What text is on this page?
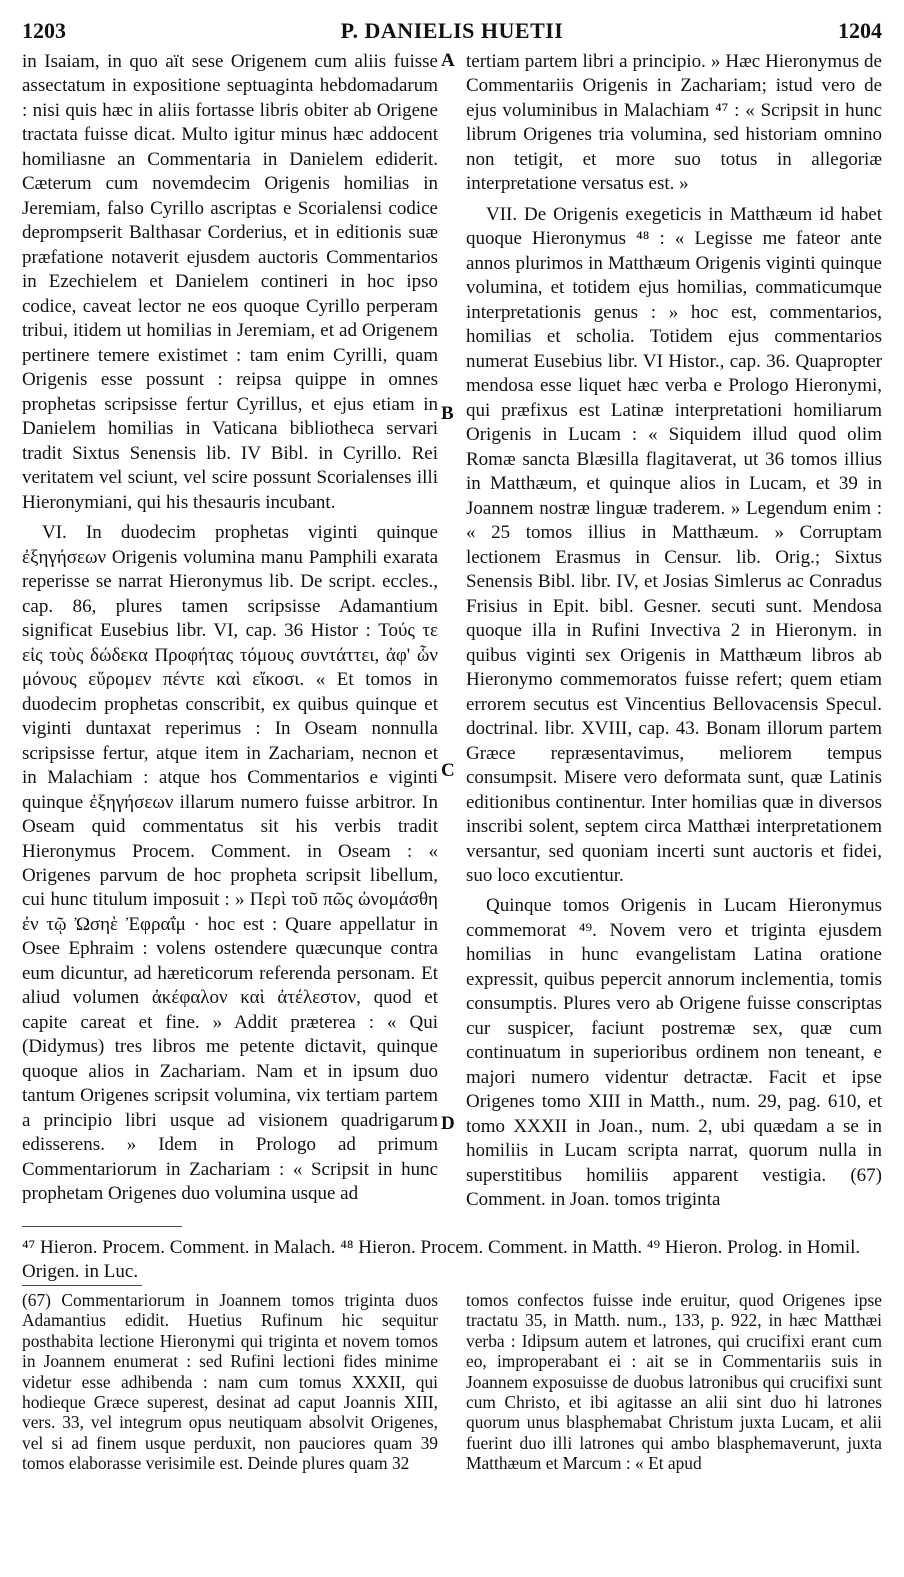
1203	P. DANIELIS HUETII	1204

in Isaiam, in quo aït sese Origenem cum aliis fuisse assectatum in expositione septuaginta hebdomadarum : nisi quis hæc in aliis fortasse libris obiter ab Origene tractata fuisse dicat. Multo igitur minus hæc addocent homiliasne an Commentaria in Danielem ediderit. Cæterum cum novemdecim Origenis homilias in Jeremiam, falso Cyrillo ascriptas e Scorialensi codice deprompserit Balthasar Corderius, et in editionis suæ præfatione notaverit ejusdem auctoris Commentarios in Ezechielem et Danielem contineri in hoc ipso codice, caveat lector ne eos quoque Cyrillo perperam tribui, itidem ut homilias in Jeremiam, et ad Origenem pertinere temere existimet : tam enim Cyrilli, quam Origenis esse possunt : reipsa quippe in omnes prophetas scripsisse fertur Cyrillus, et ejus etiam in Danielem homilias in Vaticana bibliotheca servari tradit Sixtus Senensis lib. IV Bibl. in Cyrillo. Rei veritatem vel sciunt, vel scire possunt Scorialenses illi Hieronymiani, qui his thesauris incubant.

VI. In duodecim prophetas viginti quinque ἐξηγήσεων Origenis volumina manu Pamphili exarata reperisse se narrat Hieronymus lib. De script. eccles., cap. 86, plures tamen scripsisse Adamantium significat Eusebius libr. VI, cap. 36 Histor : Τούς τε εἰς τοὺς δώδεκα Προφήτας τόμους συντάττει, ἀφ' ὧν μόνους εὕρομεν πέντε καὶ εἴκοσι. « Et tomos in duodecim prophetas conscribit, ex quibus quinque et viginti duntaxat reperimus : In Oseam nonnulla scripsisse fertur, atque item in Zachariam, necnon et in Malachiam : atque hos Commentarios e viginti quinque ἐξηγήσεων illarum numero fuisse arbitror. In Oseam quid commentatus sit his verbis tradit Hieronymus Procem. Comment. in Oseam : « Origenes parvum de hoc propheta scripsit libellum, cui hunc titulum imposuit : » Περὶ τοῦ πῶς ὠνομάσθη ἐν τῷ Ὠσηὲ Ἐφραΐμ · hoc est : Quare appellatur in Osee Ephraim : volens ostendere quæcunque contra eum dicuntur, ad hæreticorum referenda personam. Et aliud volumen ἀκέφαλον καὶ ἀτέλεστον, quod et capite careat et fine. » Addit præterea : « Qui (Didymus) tres libros me petente dictavit, quinque quoque alios in Zachariam. Nam et in ipsum duo tantum Origenes scripsit volumina, vix tertiam partem a principio libri usque ad visionem quadrigarum edisserens. » Idem in Prologo ad primum Commentariorum in Zachariam : « Scripsit in hunc prophetam Origenes duo volumina usque ad

A
B
C
D

tertiam partem libri a principio. » Hæc Hieronymus de Commentariis Origenis in Zachariam; istud vero de ejus voluminibus in Malachiam ⁴⁷ : « Scripsit in hunc librum Origenes tria volumina, sed historiam omnino non tetigit, et more suo totus in allegoriæ interpretatione versatus est. »

VII. De Origenis exegeticis in Matthæum id habet quoque Hieronymus ⁴⁸ : « Legisse me fateor ante annos plurimos in Matthæum Origenis viginti quinque volumina, et totidem ejus homilias, commaticumque interpretationis genus : » hoc est, commentarios, homilias et scholia. Totidem ejus commentarios numerat Eusebius libr. VI Histor., cap. 36. Quapropter mendosa esse liquet hæc verba e Prologo Hieronymi, qui præfixus est Latinæ interpretationi homiliarum Origenis in Lucam : « Siquidem illud quod olim Romæ sancta Blæsilla flagitaverat, ut 36 tomos illius in Matthæum, et quinque alios in Lucam, et 39 in Joannem nostræ linguæ traderem. » Legendum enim : « 25 tomos illius in Matthæum. » Corruptam lectionem Erasmus in Censur. lib. Orig.; Sixtus Senensis Bibl. libr. IV, et Josias Simlerus ac Conradus Frisius in Epit. bibl. Gesner. secuti sunt. Mendosa quoque illa in Rufini Invectiva 2 in Hieronym. in quibus viginti sex Origenis in Matthæum libros ab Hieronymo commemoratos fuisse refert; quem etiam errorem secutus est Vincentius Bellovacensis Specul. doctrinal. libr. XVIII, cap. 43. Bonam illorum partem Græce repræsentavimus, meliorem tempus consumpsit. Misere vero deformata sunt, quæ Latinis editionibus continentur. Inter homilias quæ in diversos inscribi solent, septem circa Matthæi interpretationem versantur, sed quoniam incerti sunt auctoris et fidei, suo loco excutientur.

Quinque tomos Origenis in Lucam Hieronymus commemorat ⁴⁹. Novem vero et triginta ejusdem homilias in hunc evangelistam Latina oratione expressit, quibus pepercit annorum inclementia, tomis consumptis. Plures vero ab Origene fuisse conscriptas cur suspicer, faciunt postremæ sex, quæ cum continuatum in superioribus ordinem non teneant, e majori numero videntur detractæ. Facit et ipse Origenes tomo XIII in Matth., num. 29, pag. 610, et tomo XXXII in Joan., num. 2, ubi quædam a se in homiliis in Lucam scripta narrat, quorum nulla in superstitibus homiliis apparent vestigia. (67) Comment. in Joan. tomos triginta

⁴⁷ Hieron. Procem. Comment. in Malach. ⁴⁸ Hieron. Procem. Comment. in Matth. ⁴⁹ Hieron. Prolog. in Homil. Origen. in Luc.

(67) Commentariorum in Joannem tomos triginta duos Adamantius edidit. Huetius Rufinum hic sequitur posthabita lectione Hieronymi qui triginta et novem tomos in Joannem enumerat : sed Rufini lectioni fides minime videtur esse adhibenda : nam cum tomus XXXII, qui hodieque Græce superest, desinat ad caput Joannis XIII, vers. 33, vel integrum opus neutiquam absolvit Origenes, vel si ad finem usque perduxit, non pauciores quam 39 tomos elaborasse verisimile est. Deinde plures quam 32

tomos confectos fuisse inde eruitur, quod Origenes ipse tractatu 35, in Matth. num., 133, p. 922, in hæc Matthæi verba : Idipsum autem et latrones, qui crucifixi erant cum eo, improperabant ei : ait se in Commentariis suis in Joannem exposuisse de duobus latronibus qui crucifixi sunt cum Christo, et ibi agitasse an alii sint duo hi latrones quorum unus blasphemabat Christum juxta Lucam, et alii fuerint duo illi latrones qui ambo blasphemaverunt, juxta Matthæum et Marcum : « Et apud
